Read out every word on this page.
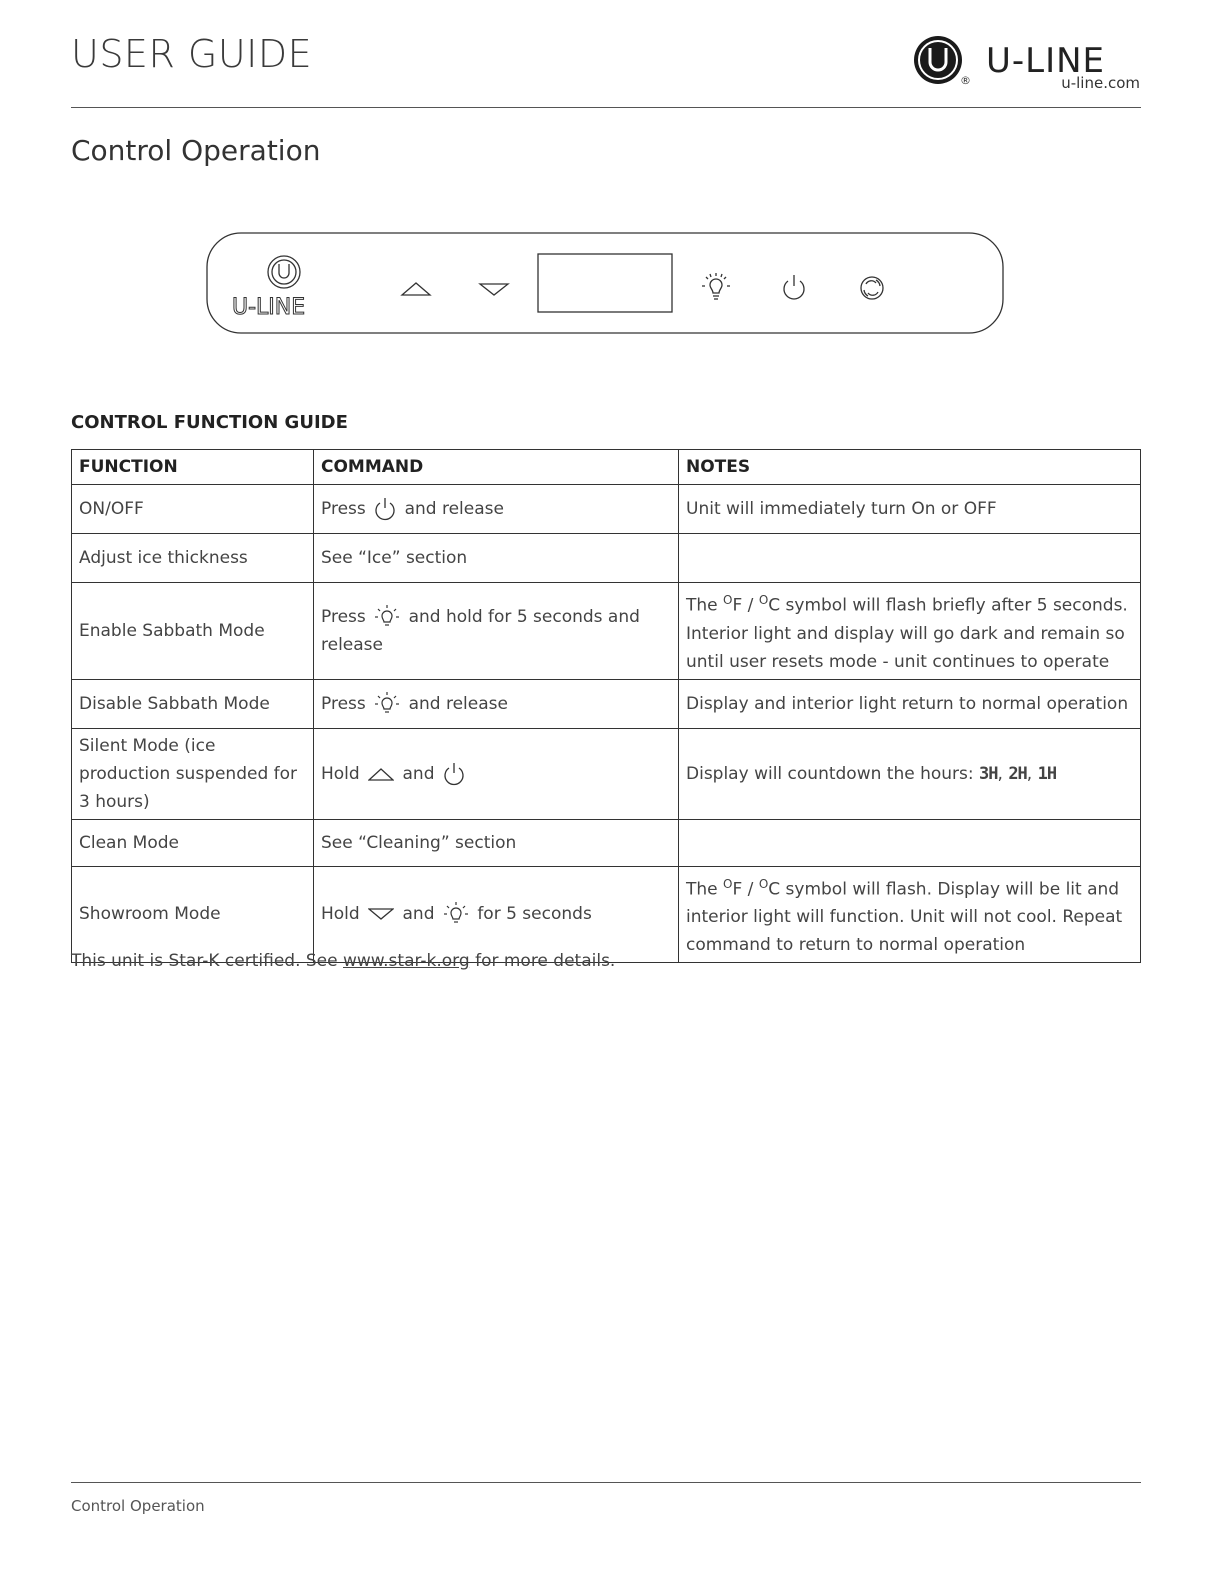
USER GUIDE
® U-LINE
u-line.com
Control Operation
U-LINE
CONTROL FUNCTION GUIDE
FUNCTION	COMMAND	NOTES
ON/OFF	Press and release	Unit will immediately turn On or OFF
Adjust ice thickness	See “Ice” section	
Enable Sabbath Mode	Press and hold for 5 seconds and release	The $^O$F / $^O$C symbol will flash briefly after 5 seconds. Interior light and display will go dark and remain so until user resets mode - unit continues to operate
Disable Sabbath Mode	Press and release	Display and interior light return to normal operation
Silent Mode (ice production suspended for 3 hours)	Hold and	Display will countdown the hours: 3H, 2H, 1H
Clean Mode	See “Cleaning” section	
Showroom Mode	Hold and for 5 seconds	The $^O$F / $^O$C symbol will flash. Display will be lit and interior light will function. Unit will not cool. Repeat command to return to normal operation
This unit is Star-K certified. See www.star-k.org for more details.
Control Operation
